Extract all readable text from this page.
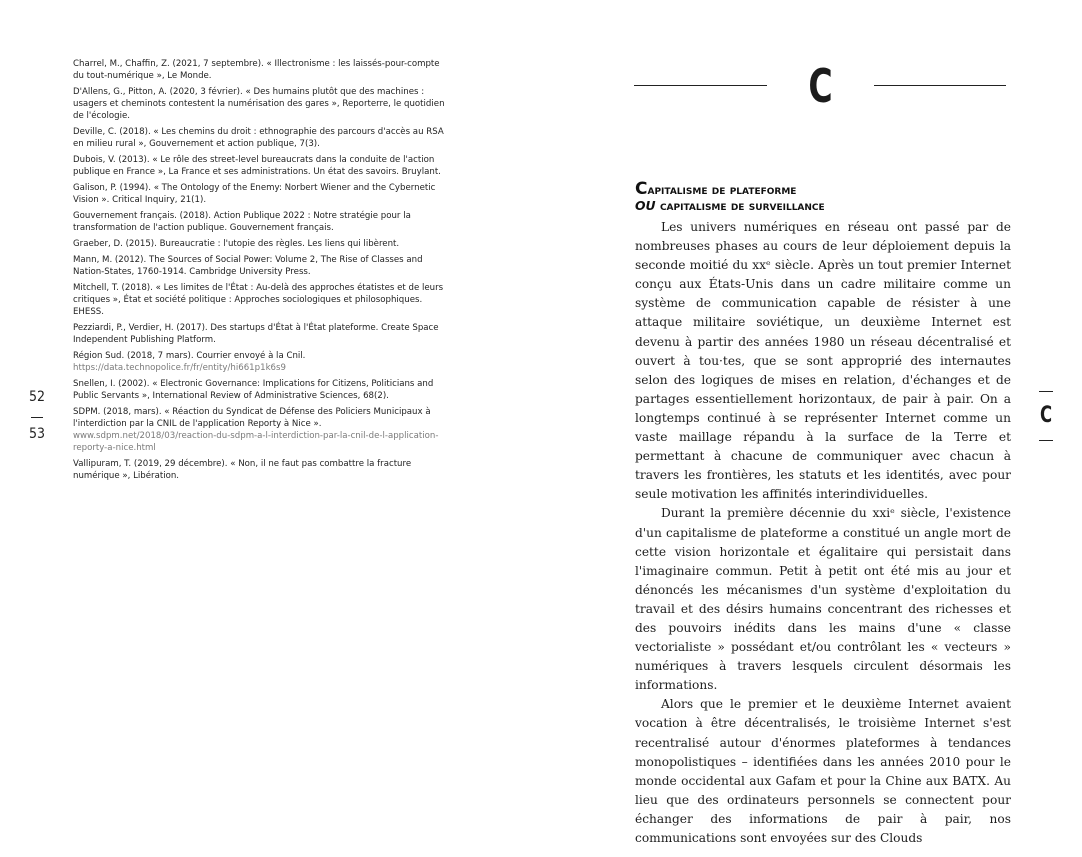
Charrel, M., Chaffin, Z. (2021, 7 septembre). « Illectronisme : les laissés-pour-compte du tout-numérique », Le Monde.

D'Allens, G., Pitton, A. (2020, 3 février). « Des humains plutôt que des machines : usagers et cheminots contestent la numérisation des gares », Reporterre, le quotidien de l'écologie.

Deville, C. (2018). « Les chemins du droit : ethnographie des parcours d'accès au RSA en milieu rural », Gouvernement et action publique, 7(3).

Dubois, V. (2013). « Le rôle des street-level bureaucrats dans la conduite de l'action publique en France », La France et ses administrations. Un état des savoirs. Bruylant.

Galison, P. (1994). « The Ontology of the Enemy: Norbert Wiener and the Cybernetic Vision ». Critical Inquiry, 21(1).

Gouvernement français. (2018). Action Publique 2022 : Notre stratégie pour la transformation de l'action publique. Gouvernement français.

Graeber, D. (2015). Bureaucratie : l'utopie des règles. Les liens qui libèrent.

Mann, M. (2012). The Sources of Social Power: Volume 2, The Rise of Classes and Nation-States, 1760-1914. Cambridge University Press.

Mitchell, T. (2018). « Les limites de l'État : Au-delà des approches étatistes et de leurs critiques », État et société politique : Approches sociologiques et philosophiques. EHESS.

Pezziardi, P., Verdier, H. (2017). Des startups d'État à l'État plateforme. Create Space Independent Publishing Platform.

Région Sud. (2018, 7 mars). Courrier envoyé à la Cnil.
https://data.technopolice.fr/fr/entity/hi661p1k6s9

Snellen, I. (2002). « Electronic Governance: Implications for Citizens, Politicians and Public Servants », International Review of Administrative Sciences, 68(2).

SDPM. (2018, mars). « Réaction du Syndicat de Défense des Policiers Municipaux à l'interdiction par la CNIL de l'application Reporty à Nice ».
www.sdpm.net/2018/03/reaction-du-sdpm-a-l-interdiction-par-la-cnil-de-l-application-reporty-a-nice.html

Vallipuram, T. (2019, 29 décembre). « Non, il ne faut pas combattre la fracture numérique », Libération.

52
53
C
C
Capitalisme de plateforme
OU capitalisme de surveillance

Les univers numériques en réseau ont passé par de nombreuses phases au cours de leur déploiement depuis la seconde moitié du xxᵉ siècle. Après un tout premier Internet conçu aux États-Unis dans un cadre militaire comme un système de communication capable de résister à une attaque militaire soviétique, un deuxième Internet est devenu à partir des années 1980 un réseau décentralisé et ouvert à tou·tes, que se sont approprié des internautes selon des logiques de mises en relation, d'échanges et de partages essentiellement horizontaux, de pair à pair. On a longtemps continué à se représenter Internet comme un vaste maillage répandu à la surface de la Terre et permettant à chacune de communiquer avec chacun à travers les frontières, les statuts et les identités, avec pour seule motivation les affinités interindividuelles.

Durant la première décennie du xxiᵉ siècle, l'existence d'un capitalisme de plateforme a constitué un angle mort de cette vision horizontale et égalitaire qui persistait dans l'imaginaire commun. Petit à petit ont été mis au jour et dénoncés les mécanismes d'un système d'exploitation du travail et des désirs humains concentrant des richesses et des pouvoirs inédits dans les mains d'une « classe vectorialiste » possédant et/ou contrôlant les « vecteurs » numériques à travers lesquels circulent désormais les informations.

Alors que le premier et le deuxième Internet avaient vocation à être décentralisés, le troisième Internet s'est recentralisé autour d'énormes plateformes à tendances monopolistiques – identifiées dans les années 2010 pour le monde occidental aux Gafam et pour la Chine aux BATX. Au lieu que des ordinateurs personnels se connectent pour échanger des informations de pair à pair, nos communications sont envoyées sur des Clouds
